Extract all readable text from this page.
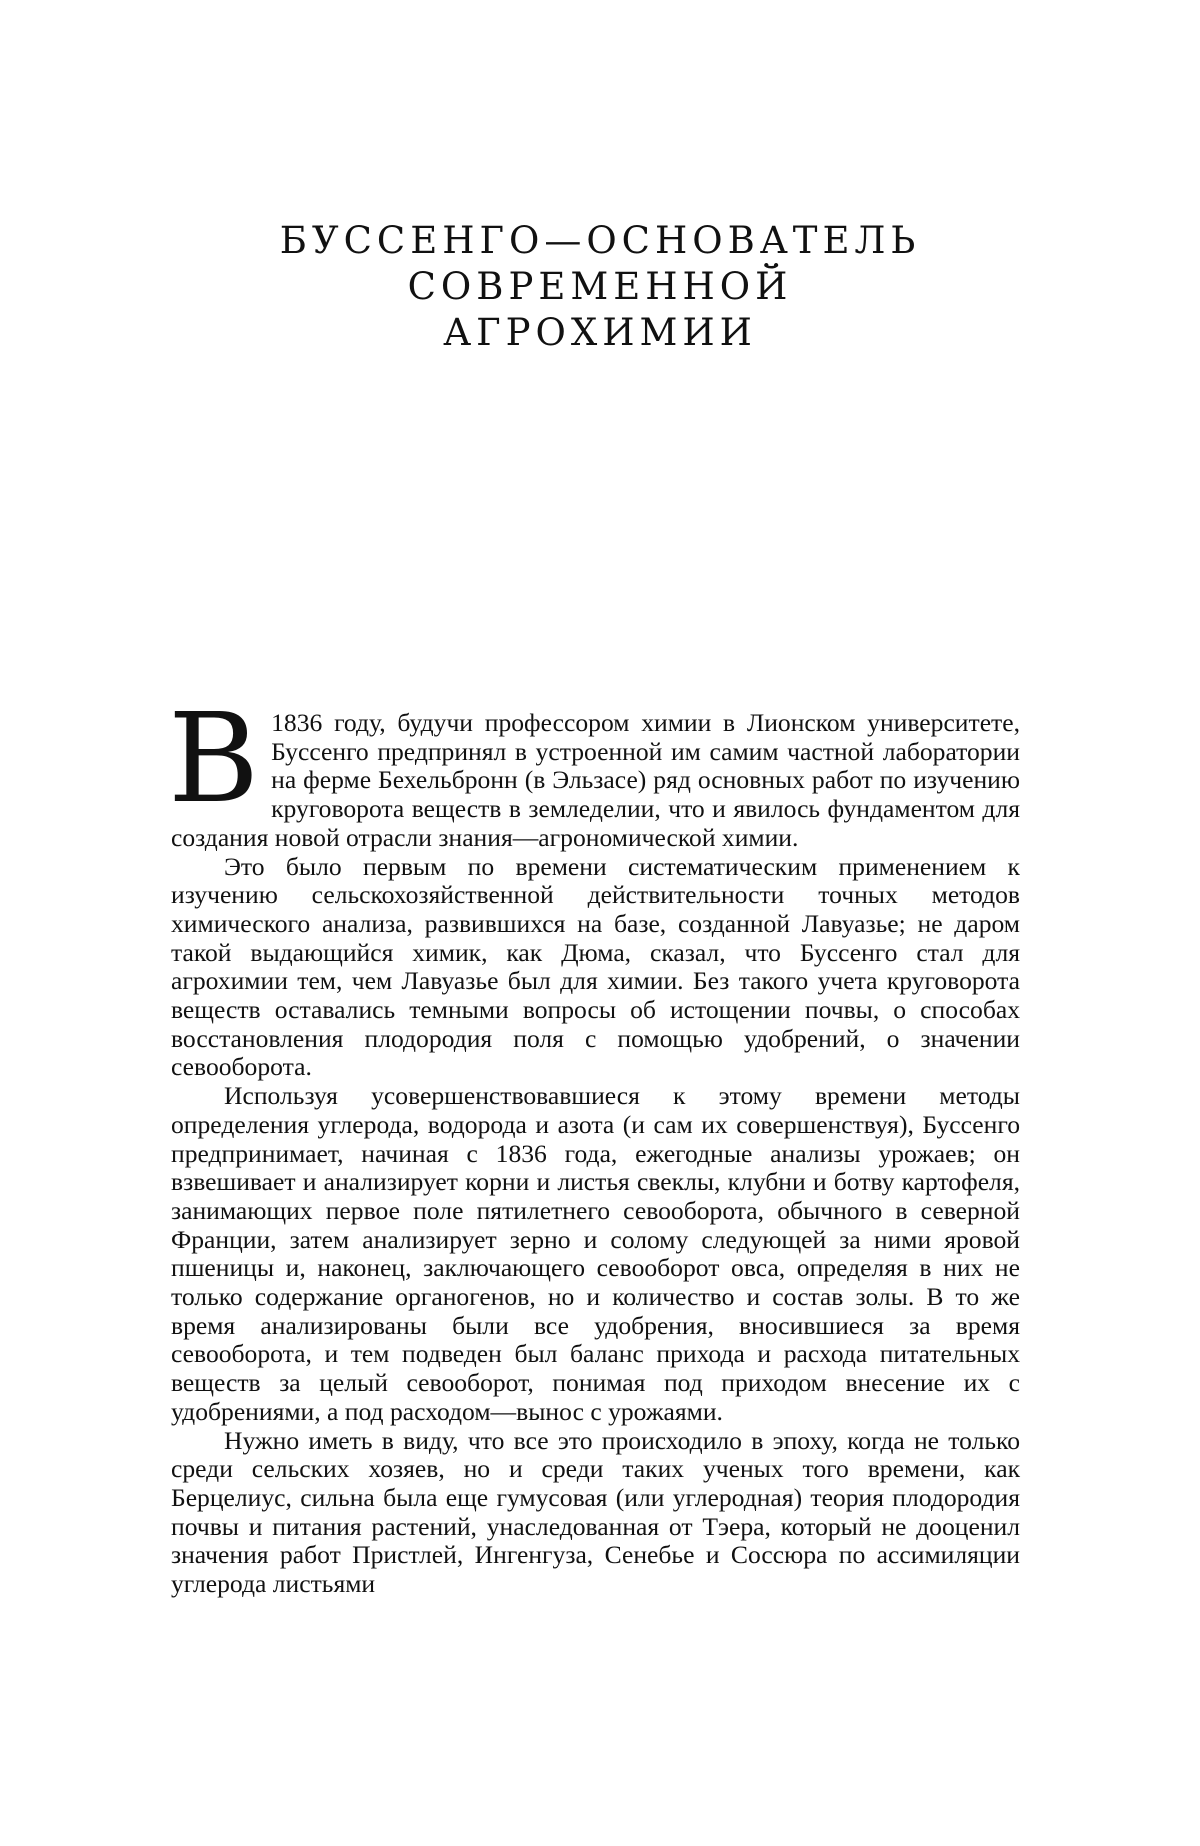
БУССЕНГО—ОСНОВАТЕЛЬ СОВРЕМЕННОЙ
АГРОХИМИИ

В 1836 году, будучи профессором химии в Лионском университете, Буссенго предпринял в устроенной им самим частной лаборатории на ферме Бехельбронн (в Эльзасе) ряд основных работ по изучению круговорота веществ в земледелии, что и явилось фундаментом для создания новой отрасли знания—агрономической химии.

Это было первым по времени систематическим применением к изучению сельскохозяйственной действительности точных методов химического анализа, развившихся на базе, созданной Лавуазье; не даром такой выдающийся химик, как Дюма, сказал, что Буссенго стал для агрохимии тем, чем Лавуазье был для химии. Без такого учета круговорота веществ оставались темными вопросы об истощении почвы, о способах восстановления плодородия поля с помощью удобрений, о значении севооборота.

Используя усовершенствовавшиеся к этому времени методы определения углерода, водорода и азота (и сам их совершенствуя), Буссенго предпринимает, начиная с 1836 года, ежегодные анализы урожаев; он взвешивает и анализирует корни и листья свеклы, клубни и ботву картофеля, занимающих первое поле пятилетнего севооборота, обычного в северной Франции, затем анализирует зерно и солому следующей за ними яровой пшеницы и, наконец, заключающего севооборот овса, определяя в них не только содержание органогенов, но и количество и состав золы. В то же время анализированы были все удобрения, вносившиеся за время севооборота, и тем подведен был баланс прихода и расхода питательных веществ за целый севооборот, понимая под приходом внесение их с удобрениями, а под расходом—вынос с урожаями.

Нужно иметь в виду, что все это происходило в эпоху, когда не только среди сельских хозяев, но и среди таких ученых того времени, как Берцелиус, сильна была еще гумусовая (или углеродная) теория плодородия почвы и питания растений, унаследованная от Тэера, который не дооценил значения работ Пристлей, Ингенгуза, Сенебье и Соссюра по ассимиляции углерода листьями
